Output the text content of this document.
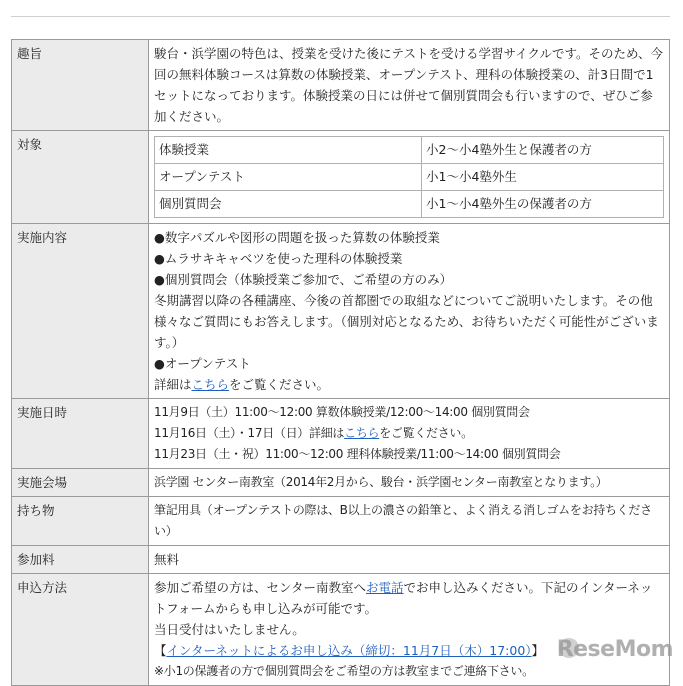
趣旨	駿台・浜学園の特色は、授業を受けた後にテストを受ける学習サイクルです。そのため、今回の無料体験コースは算数の体験授業、オープンテスト、理科の体験授業の、計3日間で1セットになっております。体験授業の日には併せて個別質問会も行いますので、ぜひご参加ください。
対象		体験授業	小2〜小4塾外生と保護者の方
オープンテスト	小1〜小4塾外生
個別質問会	小1〜小4塾外生の保護者の方

実施内容	●数字パズルや図形の問題を扱った算数の体験授業
●ムラサキキャベツを使った理科の体験授業
●個別質問会（体験授業ご参加で、ご希望の方のみ）
冬期講習以降の各種講座、今後の首都圏での取組などについてご説明いたします。その他様々なご質問にもお答えします。（個別対応となるため、お待ちいただく可能性がございます。）
●オープンテスト
詳細はこちらをご覧ください。

実施日時	11月9日（土）11:00〜12:00 算数体験授業/12:00〜14:00 個別質問会
11月16日（土）・17日（日）詳細はこちらをご覧ください。
11月23日（土・祝）11:00〜12:00 理科体験授業/11:00〜14:00 個別質問会

実施会場	浜学園 センター南教室（2014年2月から、駿台・浜学園センター南教室となります。）
持ち物	筆記用具（オープンテストの際は、B以上の濃さの鉛筆と、よく消える消しゴムをお持ちください）
参加料	無料
申込方法	参加ご希望の方は、センター南教室へお電話でお申し込みください。下記のインターネットフォームからも申し込みが可能です。
当日受付はいたしません。
【インターネットによるお申し込み（締切：11月7日（木）17:00）】
※小1の保護者の方で個別質問会をご希望の方は教室までご連絡下さい。
ReseMom
